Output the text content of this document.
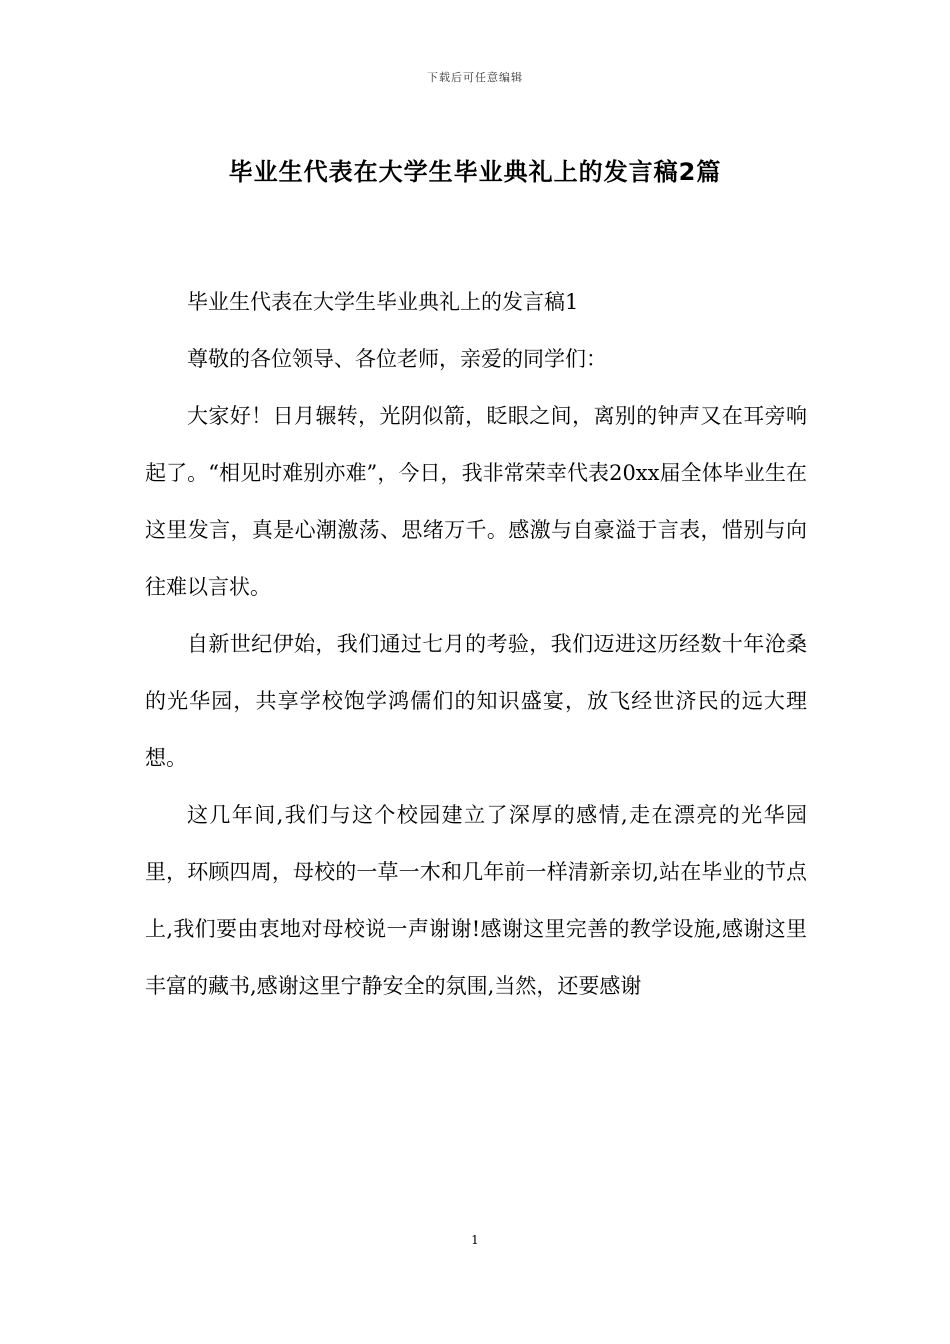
下载后可任意编辑
毕业生代表在大学生毕业典礼上的发言稿2篇

毕业生代表在大学生毕业典礼上的发言稿1

尊敬的各位领导、各位老师，亲爱的同学们：

大家好！日月辗转，光阴似箭，眨眼之间，离别的钟声又在耳旁响起了。“相见时难别亦难”，今日，我非常荣幸代表20xx届全体毕业生在这里发言，真是心潮激荡、思绪万千。感激与自豪溢于言表，惜别与向往难以言状。

自新世纪伊始，我们通过七月的考验，我们迈进这历经数十年沧桑的光华园，共享学校饱学鸿儒们的知识盛宴，放飞经世济民的远大理想。

这几年间,我们与这个校园建立了深厚的感情,走在漂亮的光华园里，环顾四周，母校的一草一木和几年前一样清新亲切,站在毕业的节点上,我们要由衷地对母校说一声谢谢!感谢这里完善的教学设施,感谢这里丰富的藏书,感谢这里宁静安全的氛围,当然，还要感谢

1
